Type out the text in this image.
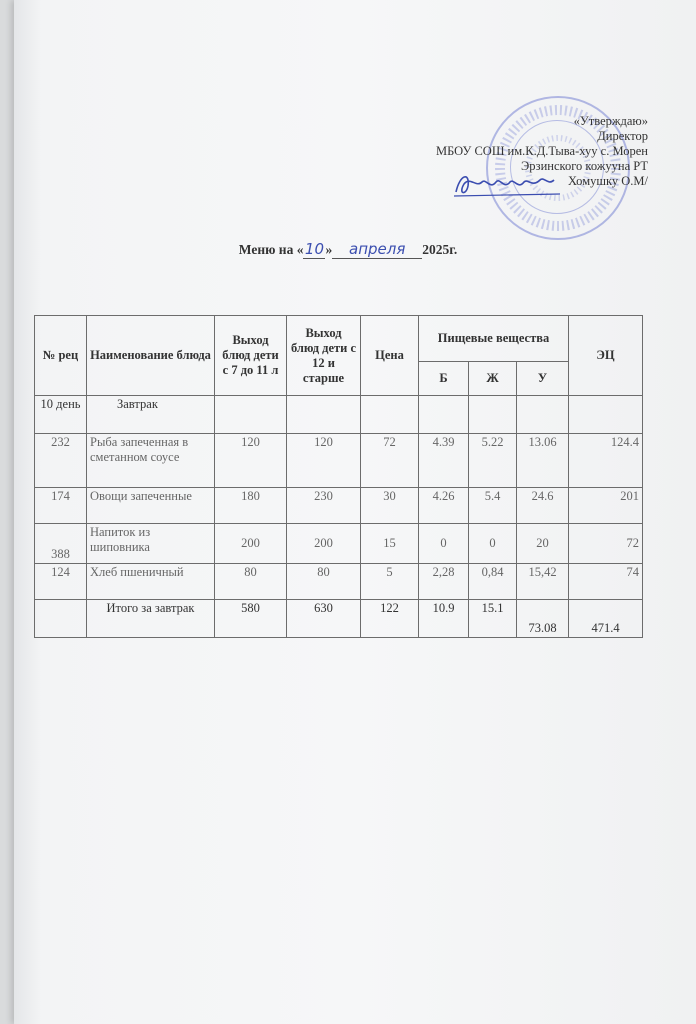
«Утверждаю»
Директор
МБОУ СОШ им.К.Д.Тыва-хуу с. Морен
Эрзинского кожууна РТ
Хомушку О.М/
Меню на «10» апреля 2025г.
№ рец	Наименование блюда	Выход блюд дети с 7 до 11 л	Выход блюд дети с 12 и старше	Цена	Пищевые вещества			ЭЦ
					Б	Ж	У	
10 день	Завтрак							
232	Рыба запеченная в сметанном соусе	120	120	72	4.39	5.22	13.06	124.4
174	Овощи запеченные	180	230	30	4.26	5.4	24.6	201
388	Напиток из шиповника	200	200	15	0	0	20	72
124	Хлеб пшеничный	80	80	5	2,28	0,84	15,42	74
	Итого за завтрак	580	630	122	10.9	15.1	73.08	471.4
